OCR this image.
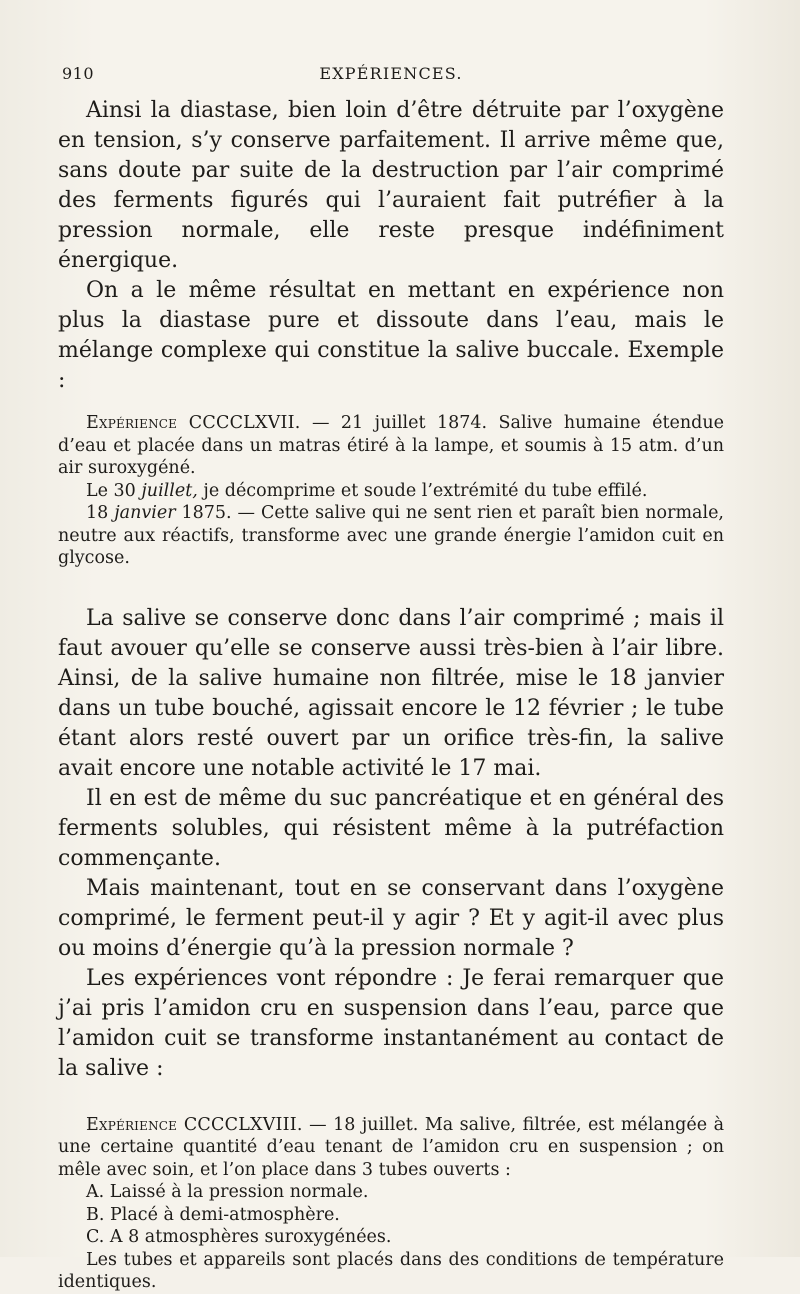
910	EXPÉRIENCES.

Ainsi la diastase, bien loin d’être détruite par l’oxygène en tension, s’y conserve parfaitement. Il arrive même que, sans doute par suite de la destruction par l’air comprimé des ferments figurés qui l’auraient fait putréfier à la pression normale, elle reste presque indéfiniment énergique.

On a le même résultat en mettant en expérience non plus la diastase pure et dissoute dans l’eau, mais le mélange complexe qui constitue la salive buccale. Exemple :

Expérience CCCCLXVII. — 21 juillet 1874. Salive humaine étendue d’eau et placée dans un matras étiré à la lampe, et soumis à 15 atm. d’un air suroxygéné.

Le 30 juillet, je décomprime et soude l’extrémité du tube effilé.

18 janvier 1875. — Cette salive qui ne sent rien et paraît bien normale, neutre aux réactifs, transforme avec une grande énergie l’amidon cuit en glycose.

La salive se conserve donc dans l’air comprimé ; mais il faut avouer qu’elle se conserve aussi très-bien à l’air libre. Ainsi, de la salive humaine non filtrée, mise le 18 janvier dans un tube bouché, agissait encore le 12 février ; le tube étant alors resté ouvert par un orifice très-fin, la salive avait encore une notable activité le 17 mai.

Il en est de même du suc pancréatique et en général des ferments solubles, qui résistent même à la putréfaction commençante.

Mais maintenant, tout en se conservant dans l’oxygène comprimé, le ferment peut-il y agir ? Et y agit-il avec plus ou moins d’énergie qu’à la pression normale ?

Les expériences vont répondre : Je ferai remarquer que j’ai pris l’amidon cru en suspension dans l’eau, parce que l’amidon cuit se transforme instantanément au contact de la salive :

Expérience CCCCLXVIII. — 18 juillet. Ma salive, filtrée, est mélangée à une certaine quantité d’eau tenant de l’amidon cru en suspension ; on mêle avec soin, et l’on place dans 3 tubes ouverts :

A. Laissé à la pression normale.
B. Placé à demi-atmosphère.
C. A 8 atmosphères suroxygénées.

Les tubes et appareils sont placés dans des conditions de température identiques.
